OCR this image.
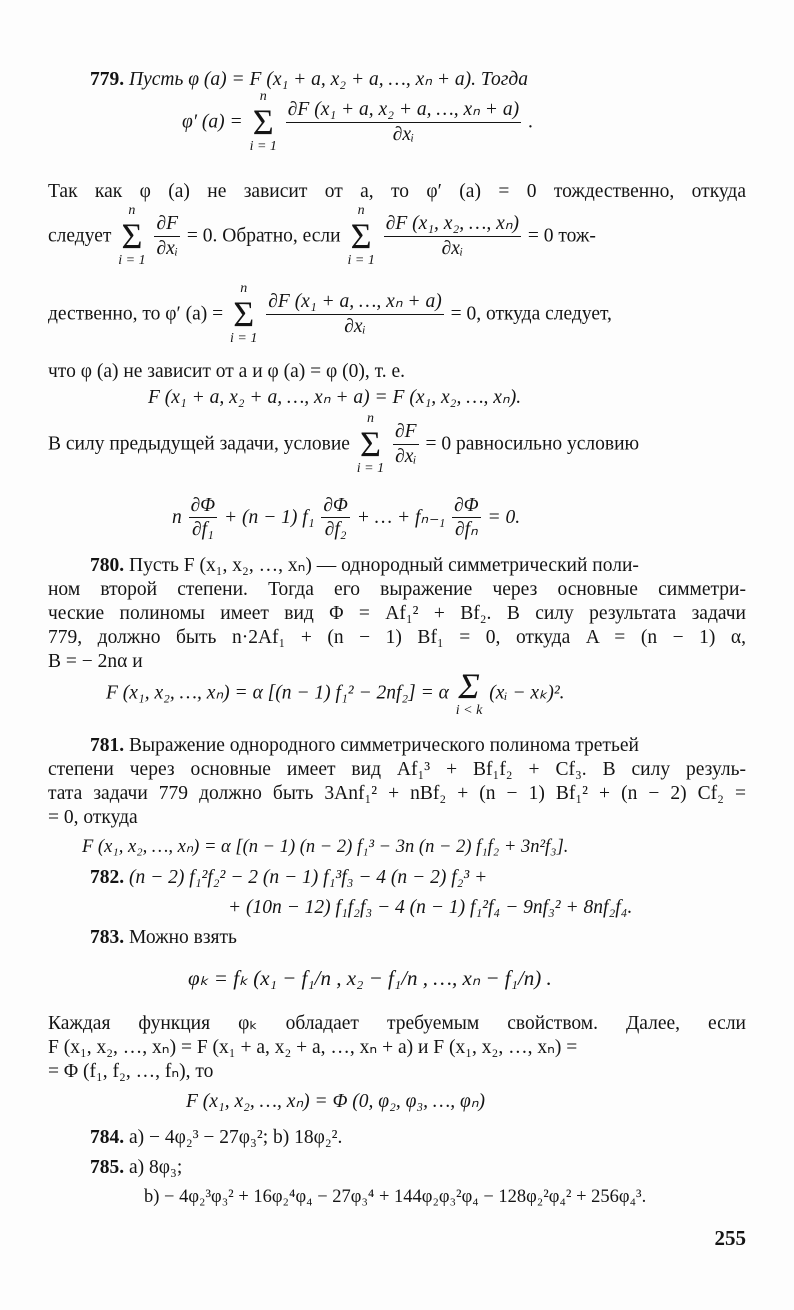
779. Пусть φ (a) = F (x₁ + a, x₂ + a, …, xₙ + a). Тогда
φ′ (a) =
n
Σ
i = 1

$\frac{\text{∂F (x₁ + a, x₂ + a, …, xₙ + a)}}{\text{∂xᵢ}}$ .
Так как φ (a) не зависит от a, то φ′ (a) = 0 тождественно, откуда
следует
n
Σ
i = 1

$\frac{\partial F}{\text{∂xᵢ}} = 0$. Обратно, если
n
Σ
i = 1

$\frac{\text{∂F (x₁, x₂, …, xₙ)}}{\text{∂xᵢ}} = 0$ тож-
дественно, то φ′ (a) =
n
Σ
i = 1

$\frac{\text{∂F (x₁ + a, …, xₙ + a)}}{\text{∂xᵢ}} = 0$, откуда следует,
что φ (a) не зависит от a и φ (a) = φ (0), т. е.
F (x₁ + a, x₂ + a, …, xₙ + a) = F (x₁, x₂, …, xₙ).
В силу предыдущей задачи, условие
n
Σ
i = 1

$\frac{\partial F}{\text{∂xᵢ}} = 0$ равносильно условию
n $\frac{\partial\Phi}{\text{∂f₁}} + (n - 1)$ $f_1 \frac{\partial\Phi}{\text{∂f₂}}$ + … + $f_{n-1} \frac{\partial\Phi}{\text{∂fₙ}} = 0$.
780. Пусть F (x₁, x₂, …, xₙ) — однородный симметрический поли-
ном второй степени. Тогда его выражение через основные симметри-
ческие полиномы имеет вид Φ = Af₁² + Bf₂. В силу результата задачи
779, должно быть n·2Af₁ + (n − 1) Bf₁ = 0, откуда A = (n − 1) α,
B = − 2nα и
F (x₁, x₂, …, xₙ) = α [(n − 1) f₁² − 2nf₂] = α Σ
i < k
(xᵢ − xₖ)².
781. Выражение однородного симметрического полинома третьей
степени через основные имеет вид Af₁³ + Bf₁f₂ + Cf₃. В силу резуль-
тата задачи 779 должно быть 3Anf₁² + nBf₂ + (n − 1) Bf₁² + (n − 2) Cf₂ =
= 0, откуда
F (x₁, x₂, …, xₙ) = α [(n − 1) (n − 2) f₁³ − 3n (n − 2) f₁f₂ + 3n²f₃].
782. (n − 2) f₁²f₂² − 2 (n − 1) f₁³f₃ − 4 (n − 2) f₂³ +
+ (10n − 12) f₁f₂f₃ − 4 (n − 1) f₁²f₄ − 9nf₃² + 8nf₂f₄.
783. Можно взять
φₖ = fₖ (x₁ − f₁/n , x₂ − f₁/n , …, xₙ − f₁/n) .
Каждая функция φₖ обладает требуемым свойством. Далее, если
F (x₁, x₂, …, xₙ) = F (x₁ + a, x₂ + a, …, xₙ + a) и F (x₁, x₂, …, xₙ) =
= Φ (f₁, f₂, …, fₙ), то
F (x₁, x₂, …, xₙ) = Φ (0, φ₂, φ₃, …, φₙ)
784. a) − 4φ₂³ − 27φ₃²; b) 18φ₂².
785. a) 8φ₃;
b) − 4φ₂³φ₃² + 16φ₂⁴φ₄ − 27φ₃⁴ + 144φ₂φ₃²φ₄ − 128φ₂²φ₄² + 256φ₄³.
255
